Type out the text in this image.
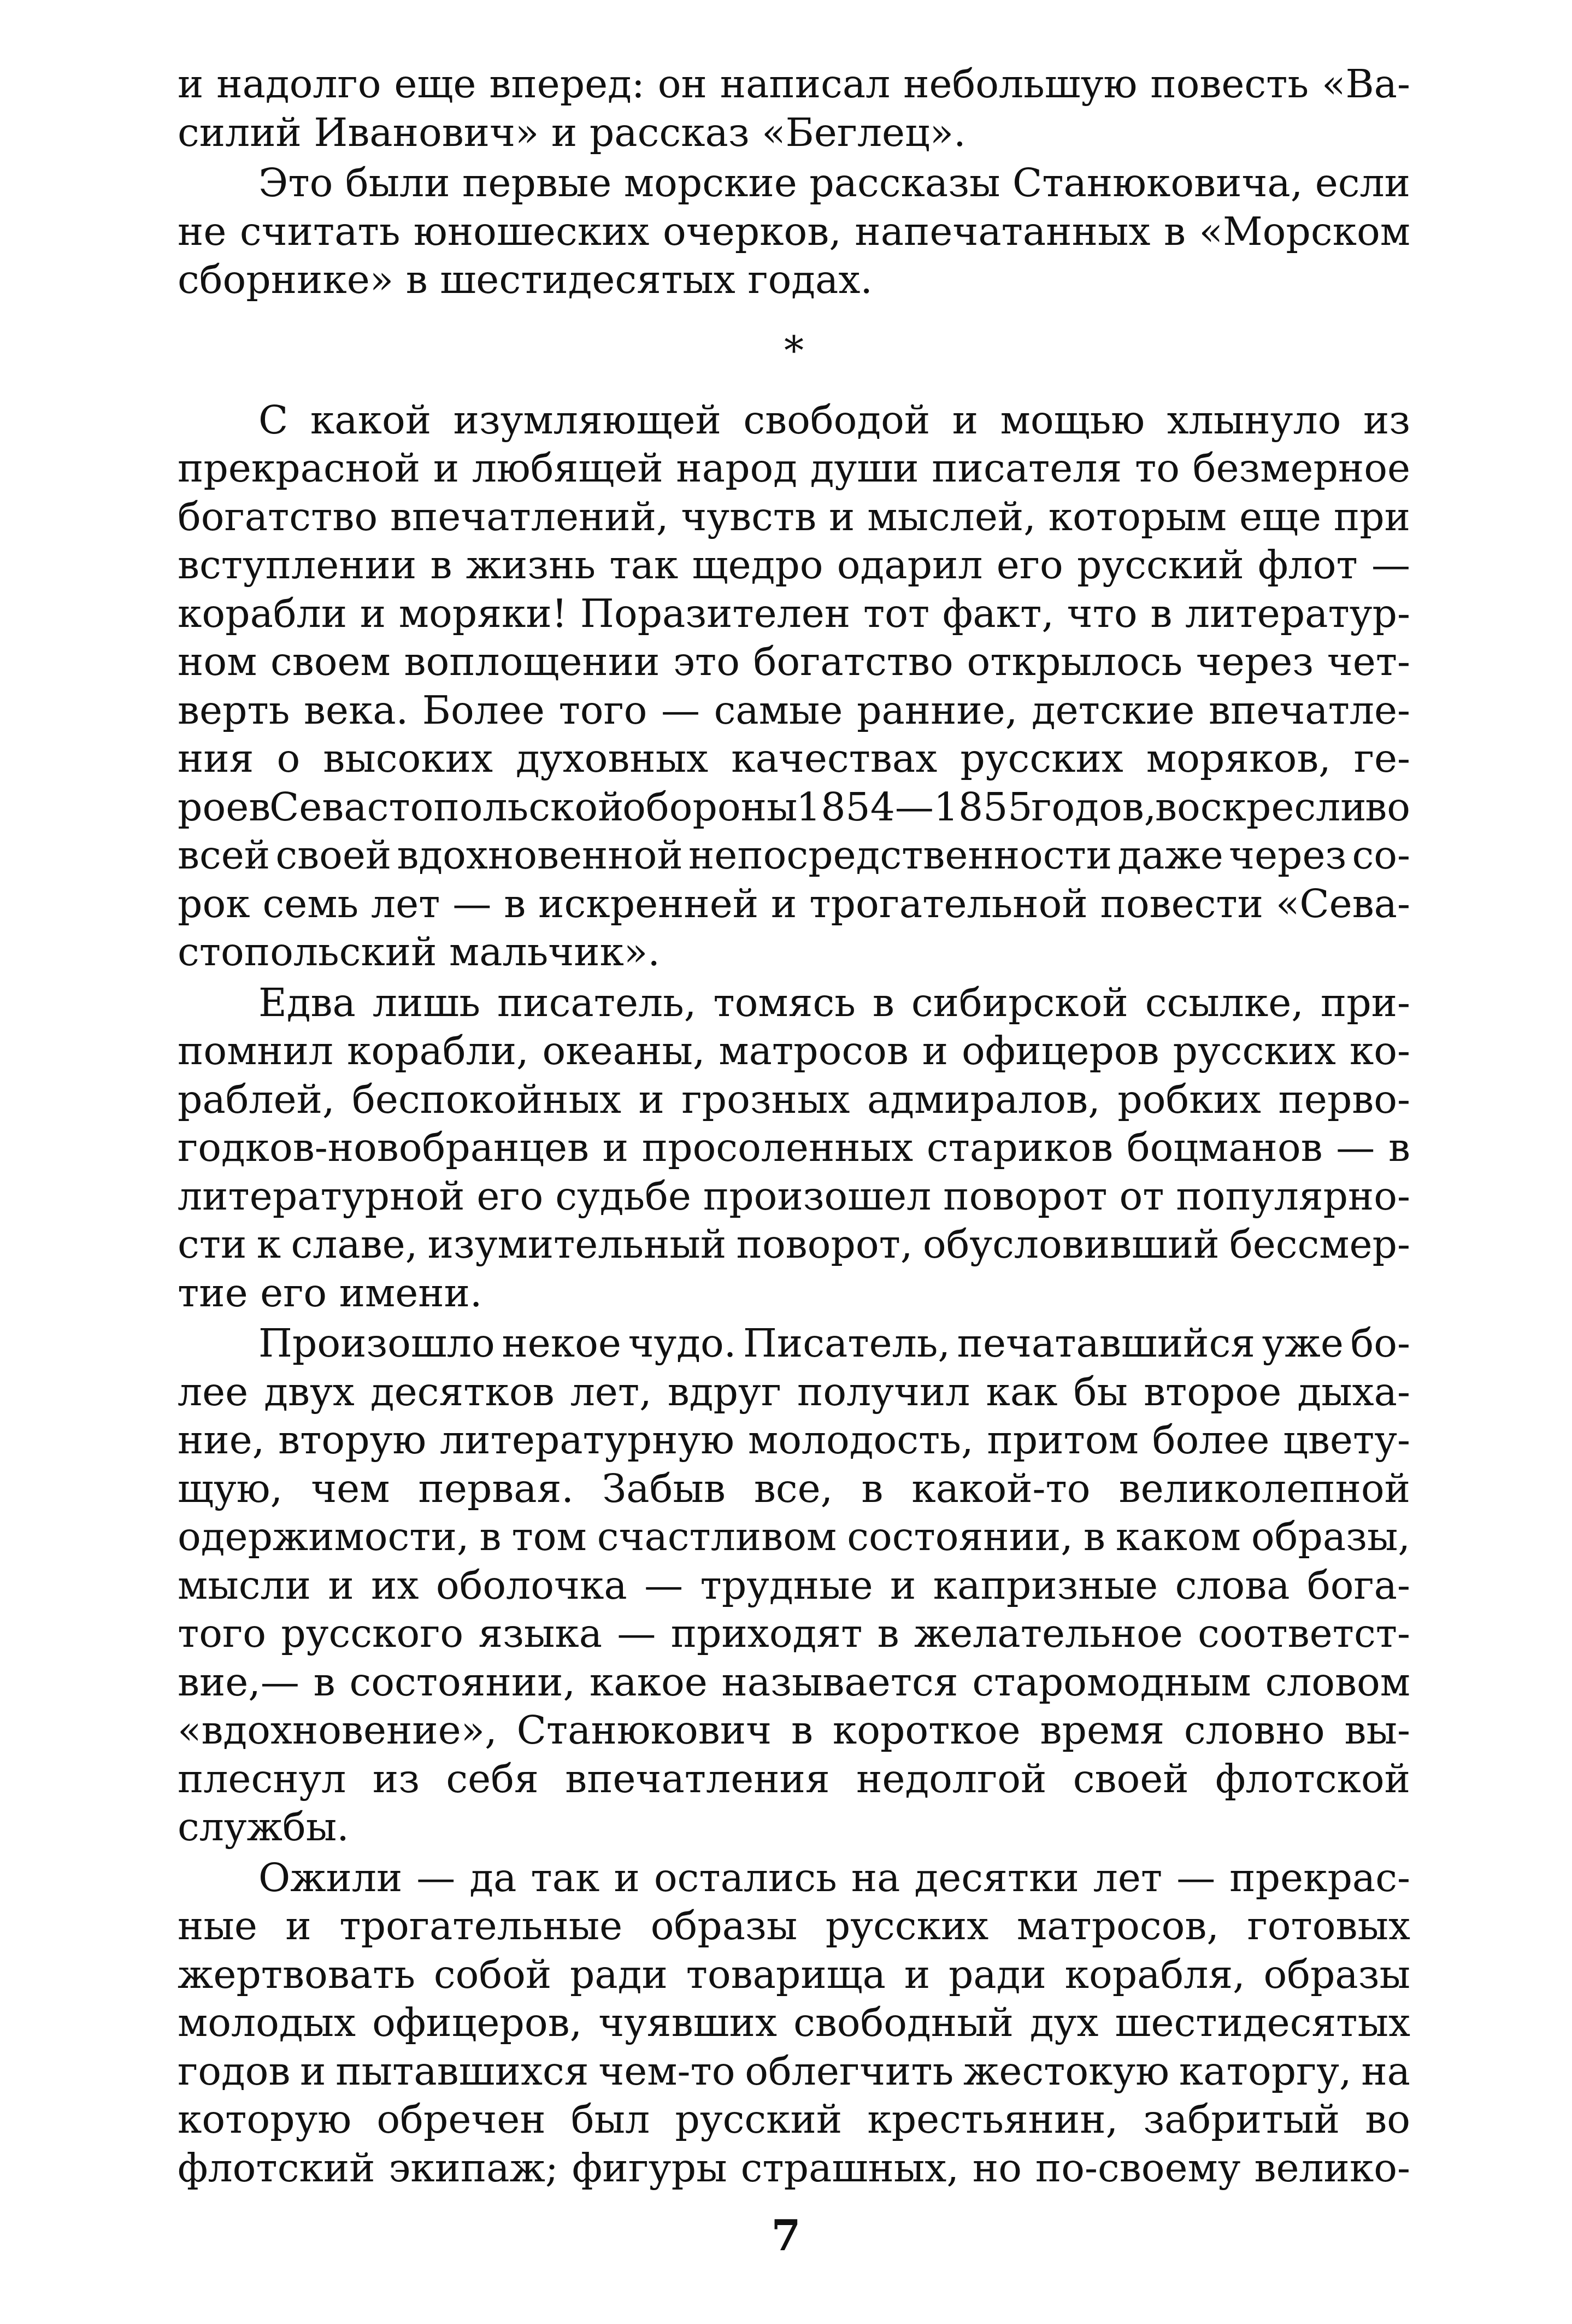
и надолго еще вперед: он написал небольшую повесть «Ва-
силий Иванович» и рассказ «Беглец».
Это были первые морские рассказы Станюковича, если
не считать юношеских очерков, напечатанных в «Морском
сборнике» в шестидесятых годах.
*
С какой изумляющей свободой и мощью хлынуло из
прекрасной и любящей народ души писателя то безмерное
богатство впечатлений, чувств и мыслей, которым еще при
вступлении в жизнь так щедро одарил его русский флот —
корабли и моряки! Поразителен тот факт, что в литератур-
ном своем воплощении это богатство открылось через чет-
верть века. Более того — самые ранние, детские впечатле-
ния о высоких духовных качествах русских моряков, ге-
роев Севастопольской обороны 1854—1855 годов, воскресли во
всей своей вдохновенной непосредственности даже через со-
рок семь лет — в искренней и трогательной повести «Сева-
стопольский мальчик».
Едва лишь писатель, томясь в сибирской ссылке, при-
помнил корабли, океаны, матросов и офицеров русских ко-
раблей, беспокойных и грозных адмиралов, робких перво-
годков-новобранцев и просоленных стариков боцманов — в
литературной его судьбе произошел поворот от популярно-
сти к славе, изумительный поворот, обусловивший бессмер-
тие его имени.
Произошло некое чудо. Писатель, печатавшийся уже бо-
лее двух десятков лет, вдруг получил как бы второе дыха-
ние, вторую литературную молодость, притом более цвету-
щую, чем первая. Забыв все, в какой-то великолепной
одержимости, в том счастливом состоянии, в каком образы,
мысли и их оболочка — трудные и капризные слова бога-
того русского языка — приходят в желательное соответст-
вие,— в состоянии, какое называется старомодным словом
«вдохновение», Станюкович в короткое время словно вы-
плеснул из себя впечатления недолгой своей флотской
службы.
Ожили — да так и остались на десятки лет — прекрас-
ные и трогательные образы русских матросов, готовых
жертвовать собой ради товарища и ради корабля, образы
молодых офицеров, чуявших свободный дух шестидесятых
годов и пытавшихся чем-то облегчить жестокую каторгу, на
которую обречен был русский крестьянин, забритый во
флотский экипаж; фигуры страшных, но по-своему велико-
7
